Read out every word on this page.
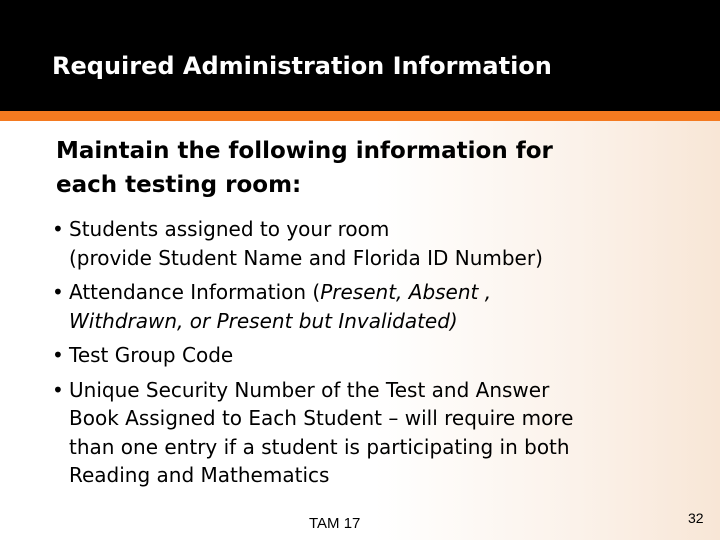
Required Administration Information
Maintain the following information for
each testing room:
• Students assigned to your room
(provide Student Name and Florida ID Number)
• Attendance Information (Present, Absent ,
Withdrawn, or Present but Invalidated)
• Test Group Code
• Unique Security Number of the Test and Answer
Book Assigned to Each Student – will require more
than one entry if a student is participating in both
Reading and Mathematics
TAM 17	32
